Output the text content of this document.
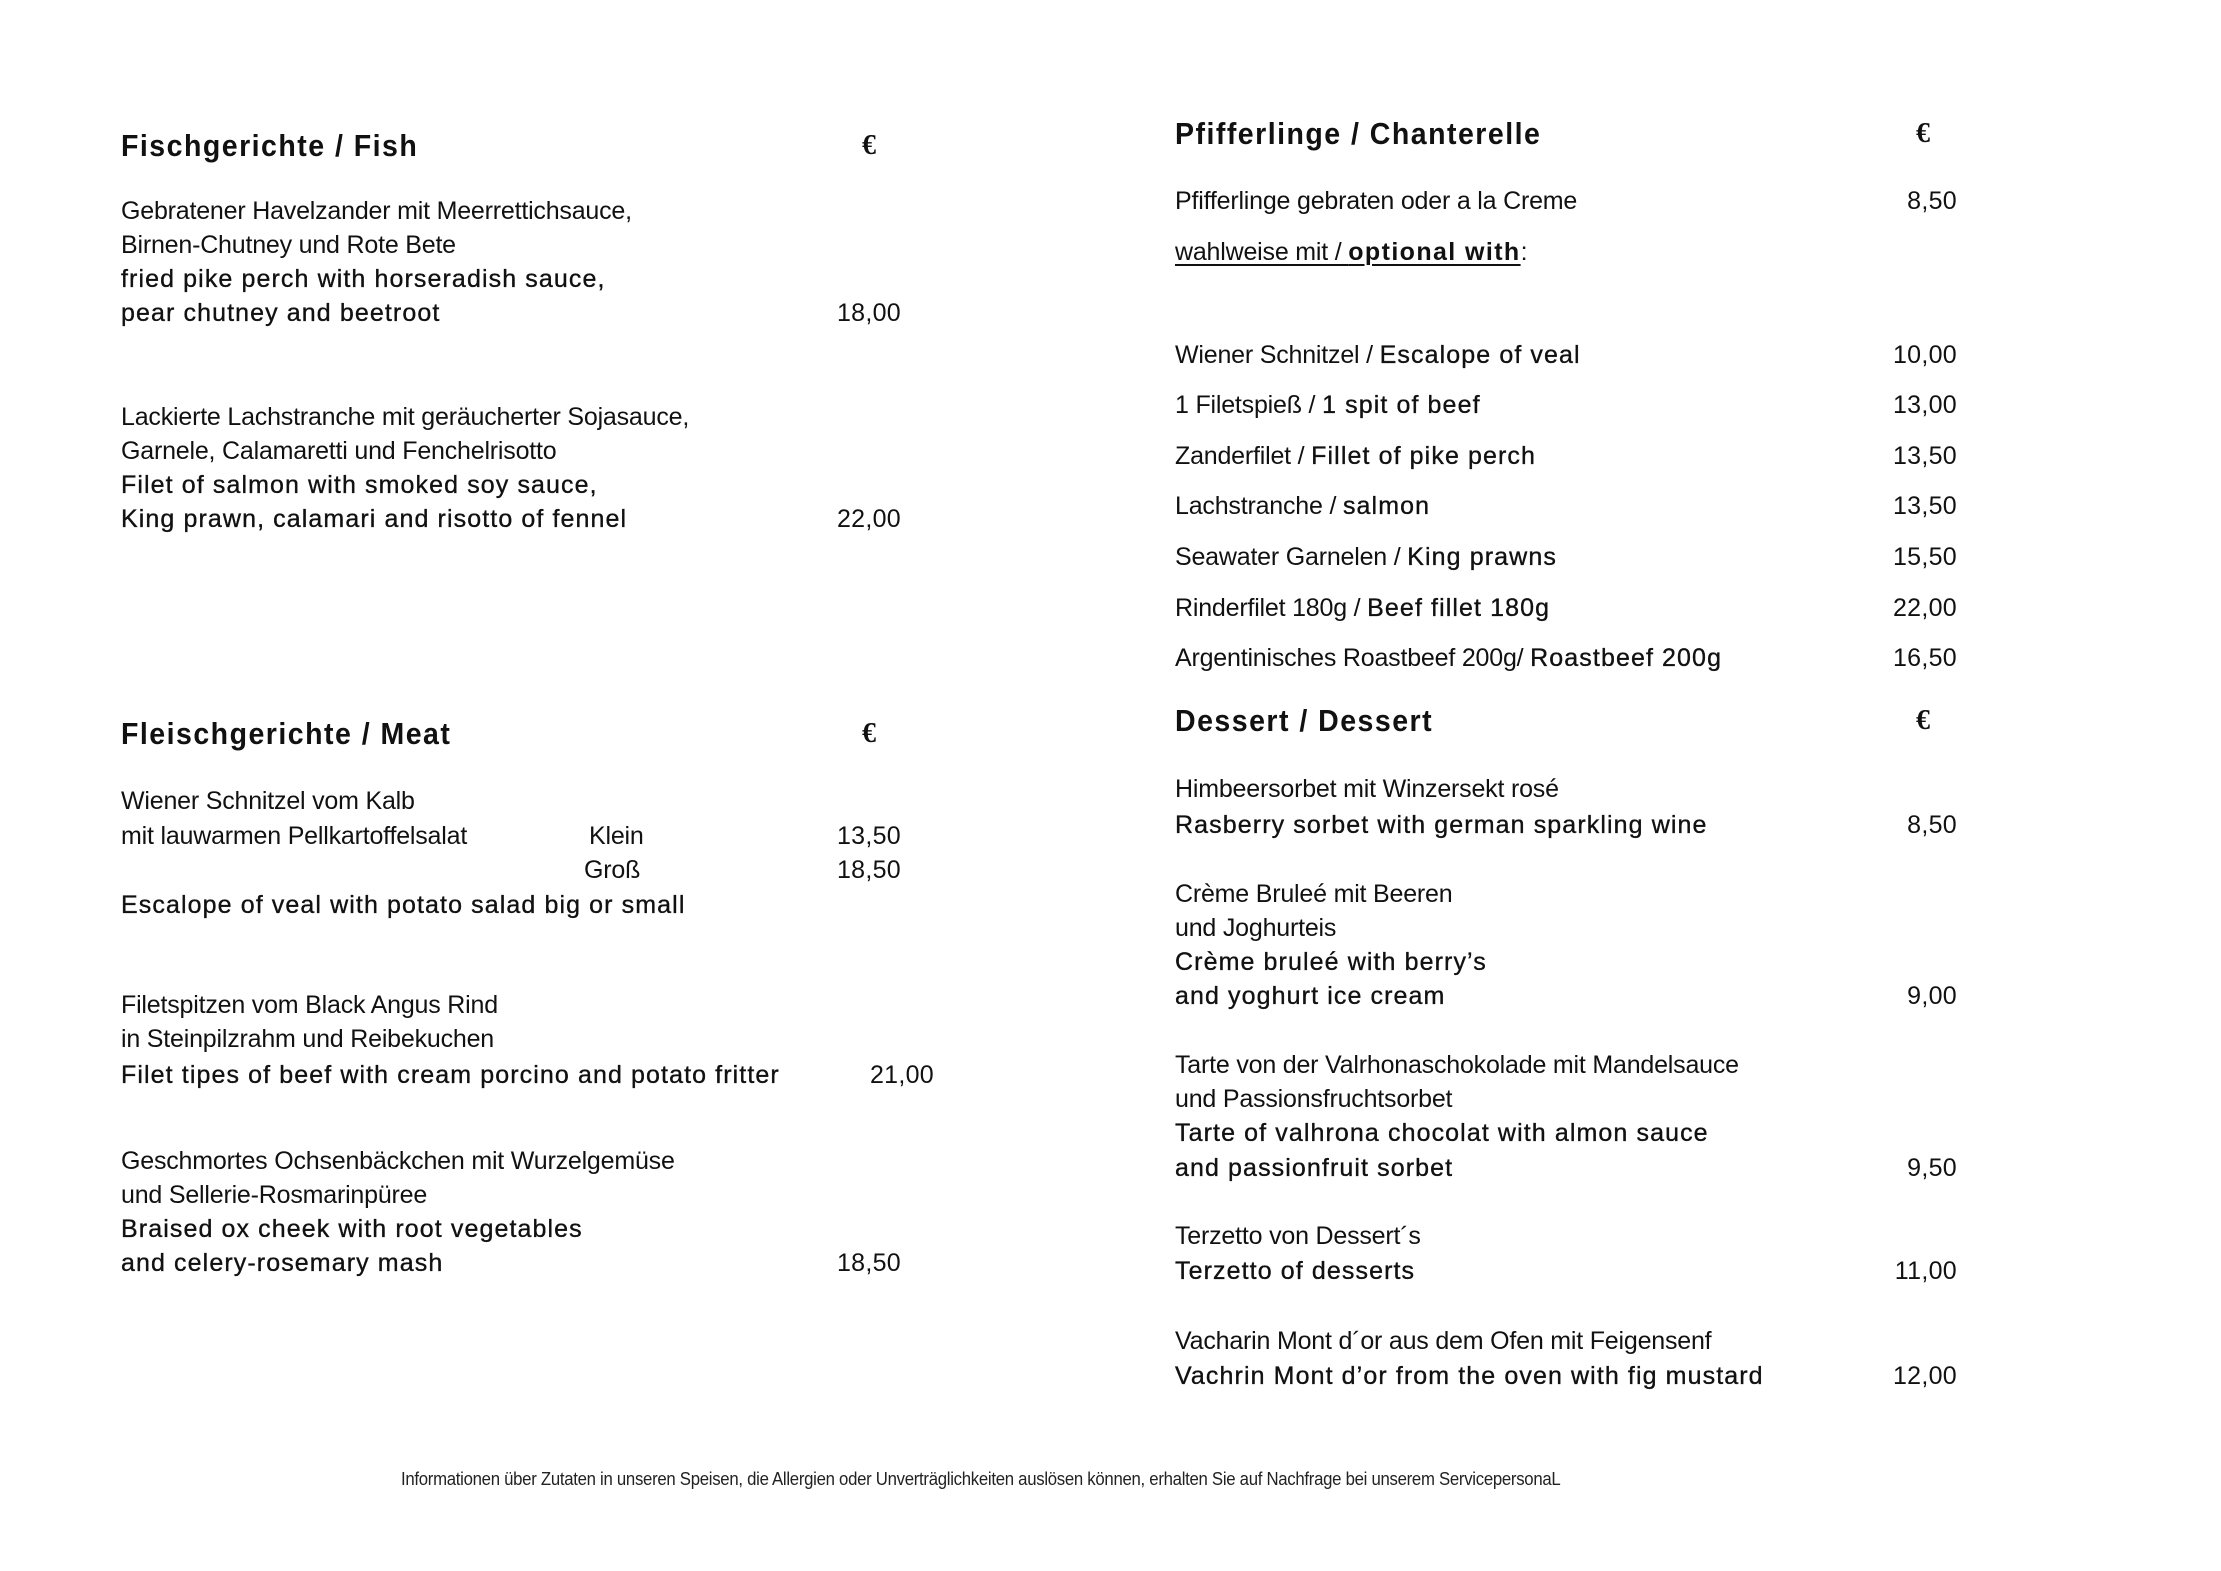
Fischgerichte / Fish	€
Gebratener Havelzander mit Meerrettichsauce,
Birnen-Chutney und Rote Bete
fried pike perch with horseradish sauce,
pear chutney and beetroot	18,00
Lackierte Lachstranche mit geräucherter Sojasauce,
Garnele, Calamaretti und Fenchelrisotto
Filet of salmon with smoked soy sauce,
King prawn, calamari and risotto of fennel	22,00
Fleischgerichte / Meat	€
Wiener Schnitzel vom Kalb
mit lauwarmen Pellkartoffelsalat	Klein	13,50
Groß	18,50
Escalope of veal with potato salad big or small
Filetspitzen vom Black Angus Rind
in Steinpilzrahm und Reibekuchen
Filet tipes of beef with cream porcino and potato fritter	21,00
Geschmortes Ochsenbäckchen mit Wurzelgemüse
und Sellerie-Rosmarinpüree
Braised ox cheek with root vegetables
and celery-rosemary mash	18,50
Pfifferlinge / Chanterelle	€
Pfifferlinge gebraten oder a la Creme	8,50
wahlweise mit / optional with:
Wiener Schnitzel / Escalope of veal	10,00
1 Filetspieß / 1 spit of beef	13,00
Zanderfilet / Fillet of pike perch	13,50
Lachstranche / salmon	13,50
Seawater Garnelen / King prawns	15,50
Rinderfilet 180g / Beef fillet 180g	22,00
Argentinisches Roastbeef 200g/ Roastbeef 200g	16,50
Dessert / Dessert	€
Himbeersorbet mit Winzersekt rosé
Rasberry sorbet with german sparkling wine	8,50
Crème Bruleé mit Beeren
und Joghurteis
Crème bruleé with berry’s
and yoghurt ice cream	9,00
Tarte von der Valrhonaschokolade mit Mandelsauce
und Passionsfruchtsorbet
Tarte of valhrona chocolat with almon sauce
and passionfruit sorbet	9,50
Terzetto von Dessert´s
Terzetto of desserts	11,00
Vacharin Mont d´or aus dem Ofen mit Feigensenf
Vachrin Mont d’or from the oven with fig mustard	12,00
Informationen über Zutaten in unseren Speisen, die Allergien oder Unverträglichkeiten auslösen können, erhalten Sie auf Nachfrage bei unserem ServicepersonaL
